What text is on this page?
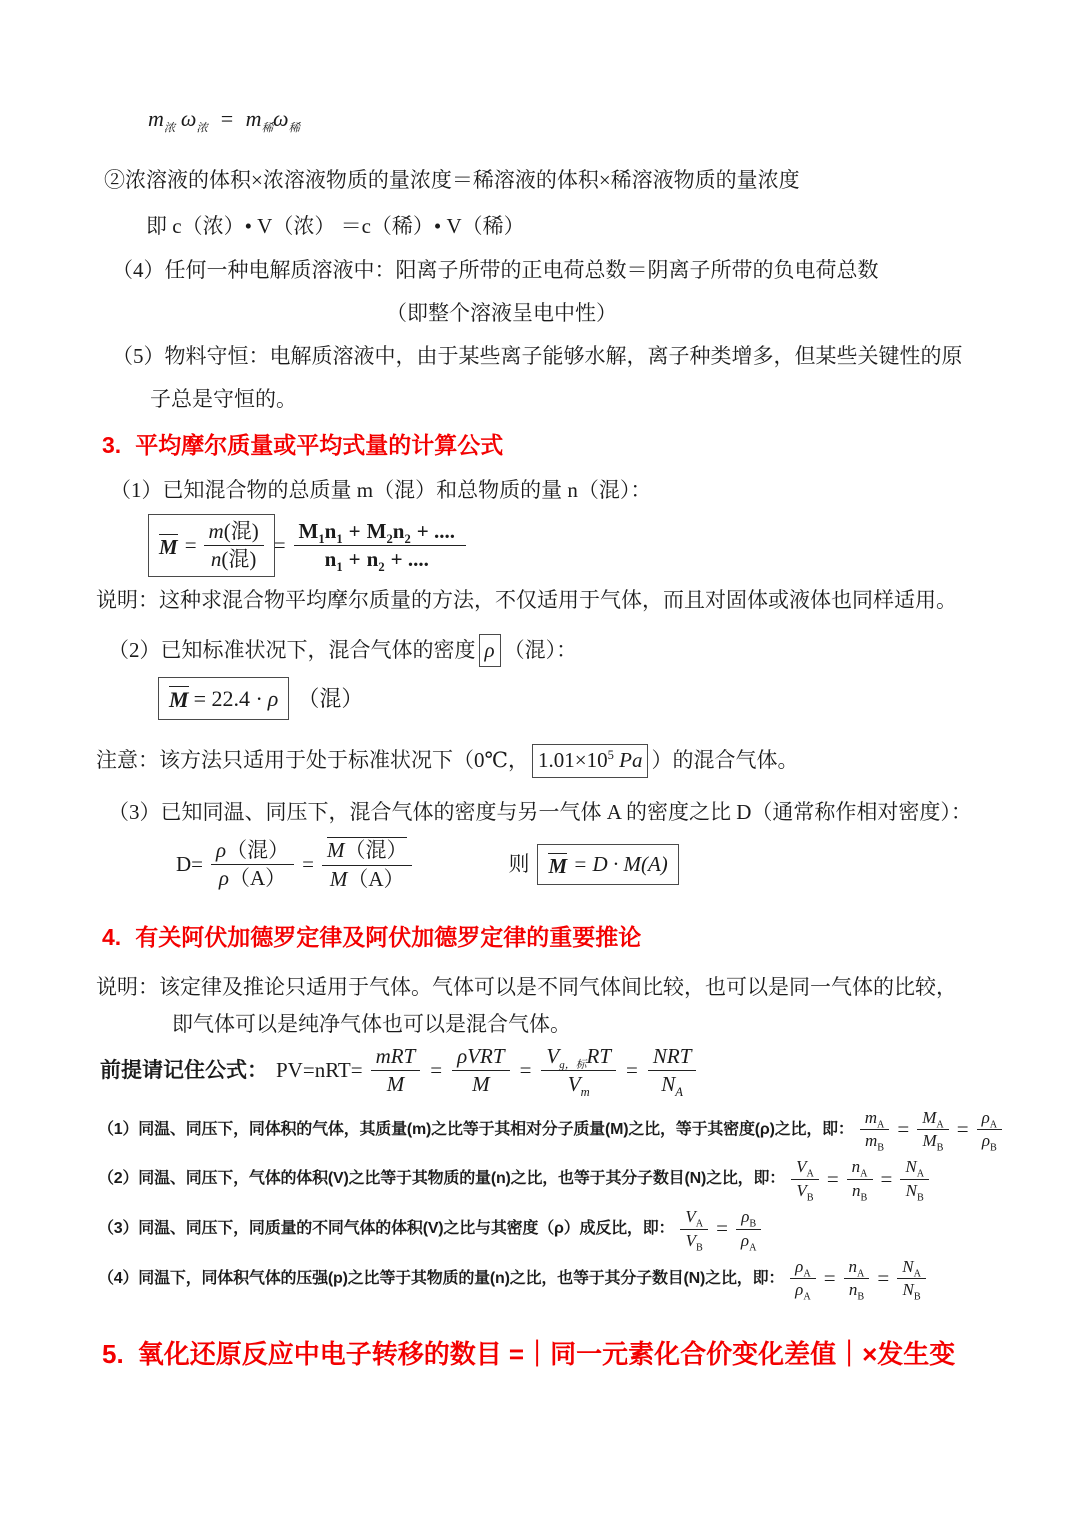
$m_浓$ $\omega_浓 = m_稀\omega_稀$
②浓溶液的体积×浓溶液物质的量浓度＝稀溶液的体积×稀溶液物质的量浓度
即 c（浓）• V（浓） ＝c（稀）• V（稀）
（4）任何一种电解质溶液中：阳离子所带的正电荷总数＝阴离子所带的负电荷总数
（即整个溶液呈电中性）
（5）物料守恒：电解质溶液中，由于某些离子能够水解，离子种类增多，但某些关键性的原
子总是守恒的。
3. 平均摩尔质量或平均式量的计算公式
（1）已知混合物的总质量 m（混）和总物质的量 n（混）：
$M = \frac{\text{m(混)}}{\text{n(混)}} = \frac{M_1n_1 + M_2n_2 + ....}{n_1 + n_2 + ....}$
说明：这种求混合物平均摩尔质量的方法，不仅适用于气体，而且对固体或液体也同样适用。
（2）已知标准状况下，混合气体的密度 ρ （混）：
M = 22.4 · ρ （混）
注意：该方法只适用于处于标准状况下（0℃， $1.01\times 10^5$ Pa ）的混合气体。
（3）已知同温、同压下，混合气体的密度与另一气体 A 的密度之比 D（通常称作相对密度）：
$D= \frac{\text{ρ（混）}}{\rho(A)} = \frac{\text{M（混）}}{M(A)}$	则 M = D · M(A)
4. 有关阿伏加德罗定律及阿伏加德罗定律的重要推论
说明：该定律及推论只适用于气体。气体可以是不同气体间比较，也可以是同一气体的比较，
即气体可以是纯净气体也可以是混合气体。
前提请记住公式： $PV=nRT= \frac{\text{mRT}}{M} = \frac{\text{ρVRT}}{M} = \frac{V_{g,标}RT}{V_m} = \frac{\text{NRT}}{N_A}$
（1）同温、同压下，同体积的气体，其质量(m)之比等于其相对分子质量(M)之比，等于其密度(ρ)之比，即： $\frac{m_A}{m_B} = \frac{M_A}{M_B} = \frac{\rho_A}{\rho_B}$
（2）同温、同压下，气体的体积(V)之比等于其物质的量(n)之比，也等于其分子数目(N)之比，即： $\frac{V_A}{V_B} = \frac{n_A}{n_B} = \frac{N_A}{N_B}$
（3）同温、同压下，同质量的不同气体的体积(V)之比与其密度（ρ）成反比，即： $\frac{V_A}{V_B} = \frac{\rho_B}{\rho_A}$
（4）同温下，同体积气体的压强(p)之比等于其物质的量(n)之比，也等于其分子数目(N)之比，即： $\frac{\rho_A}{\rho_A} = \frac{n_A}{n_B} = \frac{N_A}{N_B}$
5. 氧化还原反应中电子转移的数目 =｜同一元素化合价变化差值｜×发生变
